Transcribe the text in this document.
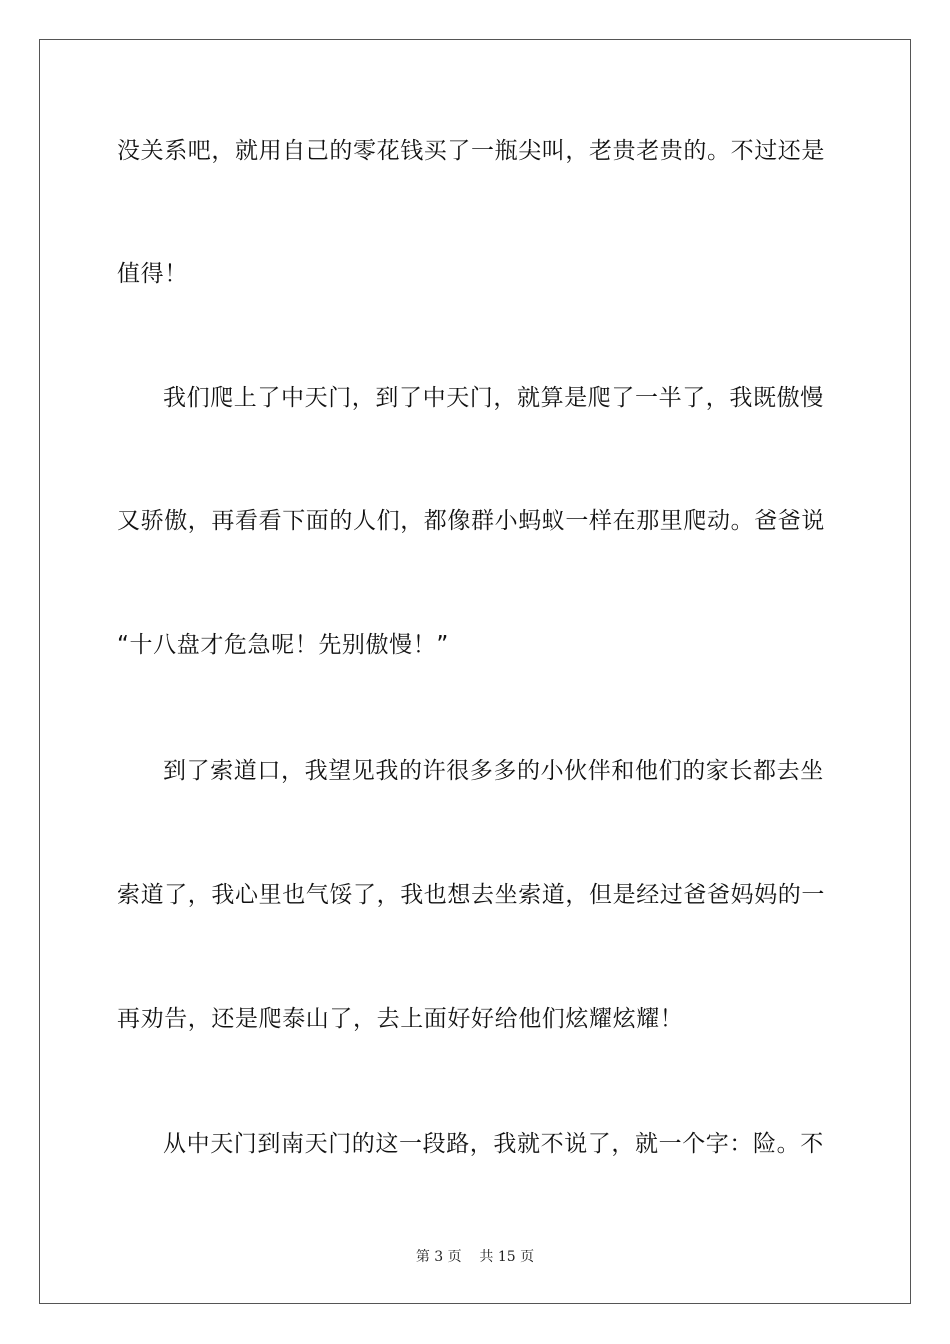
没关系吧，就用自己的零花钱买了一瓶尖叫，老贵老贵的。不过还是
值得！
我们爬上了中天门，到了中天门，就算是爬了一半了，我既傲慢
又骄傲，再看看下面的人们，都像群小蚂蚁一样在那里爬动。爸爸说
“十八盘才危急呢！先别傲慢！”
到了索道口，我望见我的许很多多的小伙伴和他们的家长都去坐
索道了，我心里也气馁了，我也想去坐索道，但是经过爸爸妈妈的一
再劝告，还是爬泰山了，去上面好好给他们炫耀炫耀！
从中天门到南天门的这一段路，我就不说了，就一个字：险。不
第 3 页    共 15 页
